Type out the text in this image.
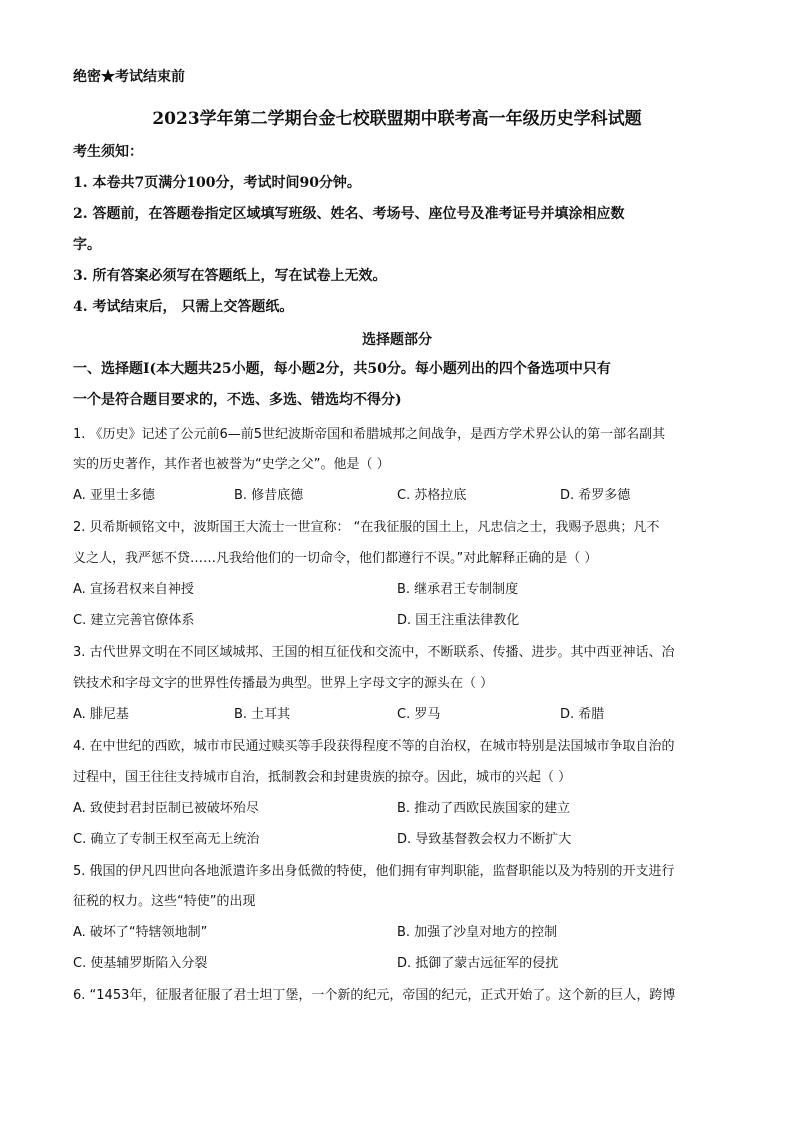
绝密★考试结束前
2023学年第二学期台金七校联盟期中联考高一年级历史学科试题
考生须知：
1. 本卷共7页满分100分，考试时间90分钟。
2. 答题前，在答题卷指定区域填写班级、姓名、考场号、座位号及准考证号并填涂相应数
字。
3. 所有答案必须写在答题纸上，写在试卷上无效。
4. 考试结束后， 只需上交答题纸。
选择题部分
一、选择题Ⅰ(本大题共25小题，每小题2分，共50分。每小题列出的四个备选项中只有
一个是符合题目要求的，不选、多选、错选均不得分)
1. 《历史》记述了公元前6—前5世纪波斯帝国和希腊城邦之间战争，是西方学术界公认的第一部名副其
实的历史著作，其作者也被誉为“史学之父”。他是（ ）
A. 亚里士多德	B. 修昔底德	C. 苏格拉底	D. 希罗多德
2. 贝希斯顿铭文中，波斯国王大流士一世宣称： “在我征服的国土上，凡忠信之士，我赐予恩典；凡不
义之人，我严惩不贷……凡我给他们的一切命令，他们都遵行不误。”对此解释正确的是（ ）
A. 宣扬君权来自神授	B. 继承君王专制制度
C. 建立完善官僚体系	D. 国王注重法律教化
3. 古代世界文明在不同区域城邦、王国的相互征伐和交流中，不断联系、传播、进步。其中西亚神话、冶
铁技术和字母文字的世界性传播最为典型。世界上字母文字的源头在（ ）
A. 腓尼基	B. 土耳其	C. 罗马	D. 希腊
4. 在中世纪的西欧，城市市民通过赎买等手段获得程度不等的自治权，在城市特别是法国城市争取自治的
过程中，国王往往支持城市自治，抵制教会和封建贵族的掠夺。因此，城市的兴起（ ）
A. 致使封君封臣制已被破坏殆尽	B. 推动了西欧民族国家的建立
C. 确立了专制王权至高无上统治	D. 导致基督教会权力不断扩大
5. 俄国的伊凡四世向各地派遣许多出身低微的特使，他们拥有审判职能，监督职能以及为特别的开支进行
征税的权力。这些“特使”的出现
A. 破坏了“特辖领地制”	B. 加强了沙皇对地方的控制
C. 使基辅罗斯陷入分裂	D. 抵御了蒙古远征军的侵扰
6. “1453年，征服者征服了君士坦丁堡，一个新的纪元，帝国的纪元，正式开始了。这个新的巨人，跨博
